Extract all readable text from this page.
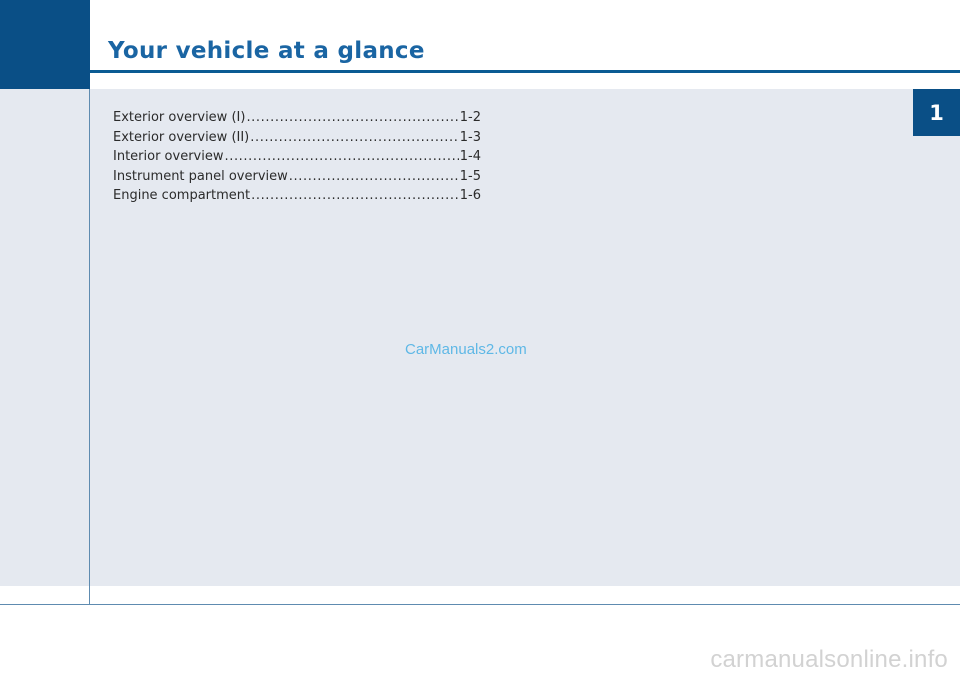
Your vehicle at a glance
1
Exterior overview (I) .....	1-2
Exterior overview (II) .....	1-3
Interior overview .....	1-4
Instrument panel overview .....	1-5
Engine compartment .....	1-6
CarManuals2.com
carmanualsonline.info
